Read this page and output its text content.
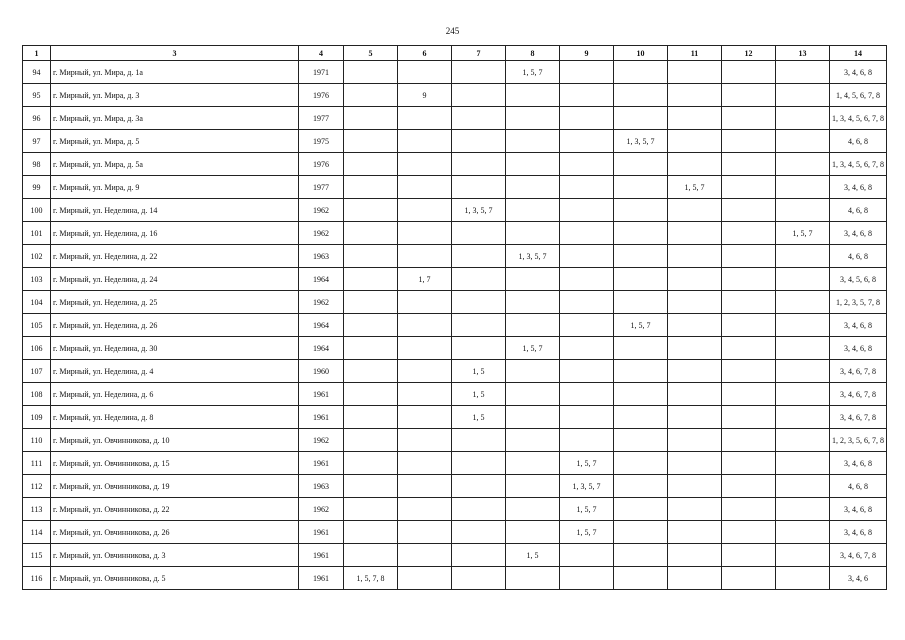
245
1	3	4	5	6	7	8	9	10	11	12	13	14
94	г. Мирный, ул. Мира, д. 1а	1971				1, 5, 7						3, 4, 6, 8
95	г. Мирный, ул. Мира, д. 3	1976		9								1, 4, 5, 6, 7, 8
96	г. Мирный, ул. Мира, д. 3а	1977										1, 3, 4, 5, 6, 7, 8
97	г. Мирный, ул. Мира, д. 5	1975						1, 3, 5, 7				4, 6, 8
98	г. Мирный, ул. Мира, д. 5а	1976										1, 3, 4, 5, 6, 7, 8
99	г. Мирный, ул. Мира, д. 9	1977							1, 5, 7			3, 4, 6, 8
100	г. Мирный, ул. Неделина, д. 14	1962			1, 3, 5, 7							4, 6, 8
101	г. Мирный, ул. Неделина, д. 16	1962									1, 5, 7	3, 4, 6, 8
102	г. Мирный, ул. Неделина, д. 22	1963				1, 3, 5, 7						4, 6, 8
103	г. Мирный, ул. Неделина, д. 24	1964		1, 7								3, 4, 5, 6, 8
104	г. Мирный, ул. Неделина, д. 25	1962										1, 2, 3, 5, 7, 8
105	г. Мирный, ул. Неделина, д. 26	1964						1, 5, 7				3, 4, 6, 8
106	г. Мирный, ул. Неделина, д. 30	1964				1, 5, 7						3, 4, 6, 8
107	г. Мирный, ул. Неделина, д. 4	1960			1, 5							3, 4, 6, 7, 8
108	г. Мирный, ул. Неделина, д. 6	1961			1, 5							3, 4, 6, 7, 8
109	г. Мирный, ул. Неделина, д. 8	1961			1, 5							3, 4, 6, 7, 8
110	г. Мирный, ул. Овчинникова, д. 10	1962										1, 2, 3, 5, 6, 7, 8
111	г. Мирный, ул. Овчинникова, д. 15	1961					1, 5, 7					3, 4, 6, 8
112	г. Мирный, ул. Овчинникова, д. 19	1963					1, 3, 5, 7					4, 6, 8
113	г. Мирный, ул. Овчинникова, д. 22	1962					1, 5, 7					3, 4, 6, 8
114	г. Мирный, ул. Овчинникова, д. 26	1961					1, 5, 7					3, 4, 6, 8
115	г. Мирный, ул. Овчинникова, д. 3	1961				1, 5						3, 4, 6, 7, 8
116	г. Мирный, ул. Овчинникова, д. 5	1961	1, 5, 7, 8									3, 4, 6
